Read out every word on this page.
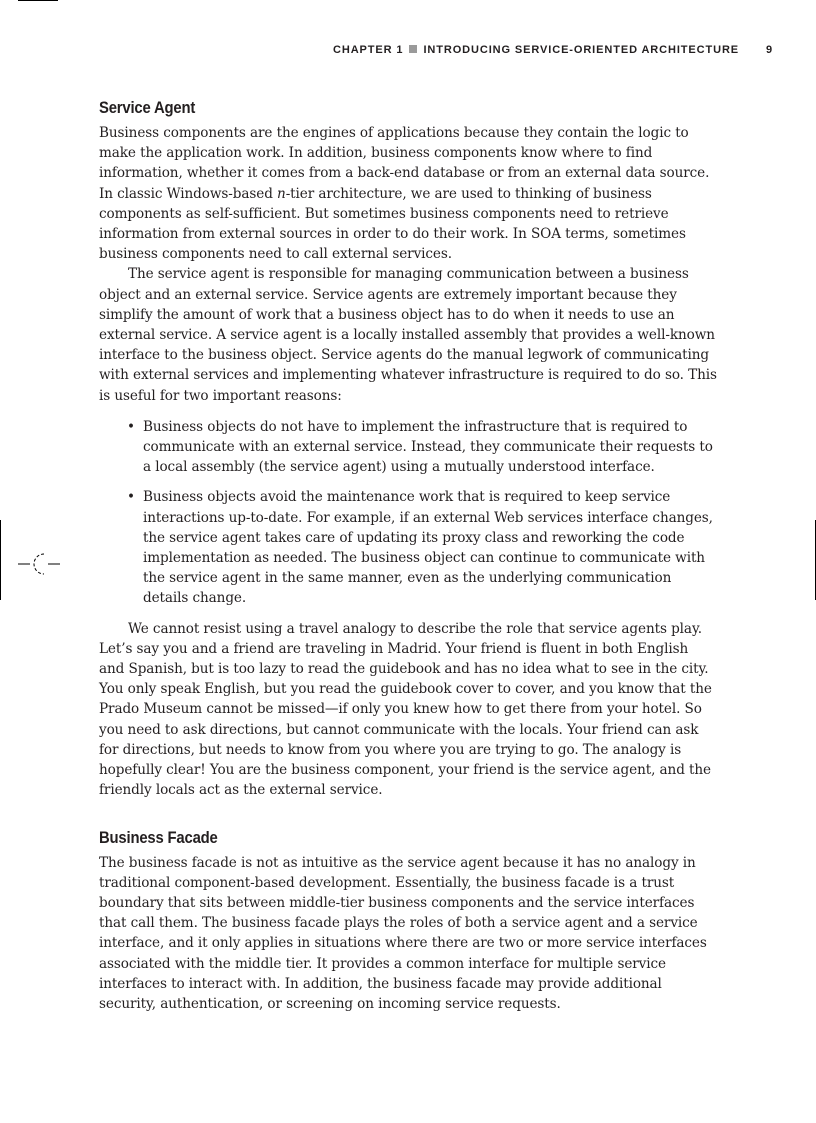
CHAPTER 1 INTRODUCING SERVICE-ORIENTED ARCHITECTURE 9
Service Agent

Business components are the engines of applications because they contain the logic to make the application work. In addition, business components know where to find information, whether it comes from a back-end database or from an external data source. In classic Windows-based n-tier architecture, we are used to thinking of business components as self-sufficient. But sometimes business components need to retrieve information from external sources in order to do their work. In SOA terms, sometimes business components need to call external services.

The service agent is responsible for managing communication between a business object and an external service. Service agents are extremely important because they simplify the amount of work that a business object has to do when it needs to use an external service. A service agent is a locally installed assembly that provides a well-known interface to the business object. Service agents do the manual legwork of communicating with external services and implementing whatever infrastructure is required to do so. This is useful for two important reasons:

• Business objects do not have to implement the infrastructure that is required to communicate with an external service. Instead, they communicate their requests to a local assembly (the service agent) using a mutually understood interface.
• Business objects avoid the maintenance work that is required to keep service interactions up-to-date. For example, if an external Web services interface changes, the service agent takes care of updating its proxy class and reworking the code implementation as needed. The business object can continue to communicate with the service agent in the same manner, even as the underlying communication details change.

We cannot resist using a travel analogy to describe the role that service agents play. Let’s say you and a friend are traveling in Madrid. Your friend is fluent in both English and Spanish, but is too lazy to read the guidebook and has no idea what to see in the city. You only speak English, but you read the guidebook cover to cover, and you know that the Prado Museum cannot be missed—if only you knew how to get there from your hotel. So you need to ask directions, but cannot communicate with the locals. Your friend can ask for directions, but needs to know from you where you are trying to go. The analogy is hopefully clear! You are the business component, your friend is the service agent, and the friendly locals act as the external service.

Business Facade

The business facade is not as intuitive as the service agent because it has no analogy in traditional component-based development. Essentially, the business facade is a trust boundary that sits between middle-tier business components and the service interfaces that call them. The business facade plays the roles of both a service agent and a service interface, and it only applies in situations where there are two or more service interfaces associated with the middle tier. It provides a common interface for multiple service interfaces to interact with. In addition, the business facade may provide additional security, authentication, or screening on incoming service requests.
